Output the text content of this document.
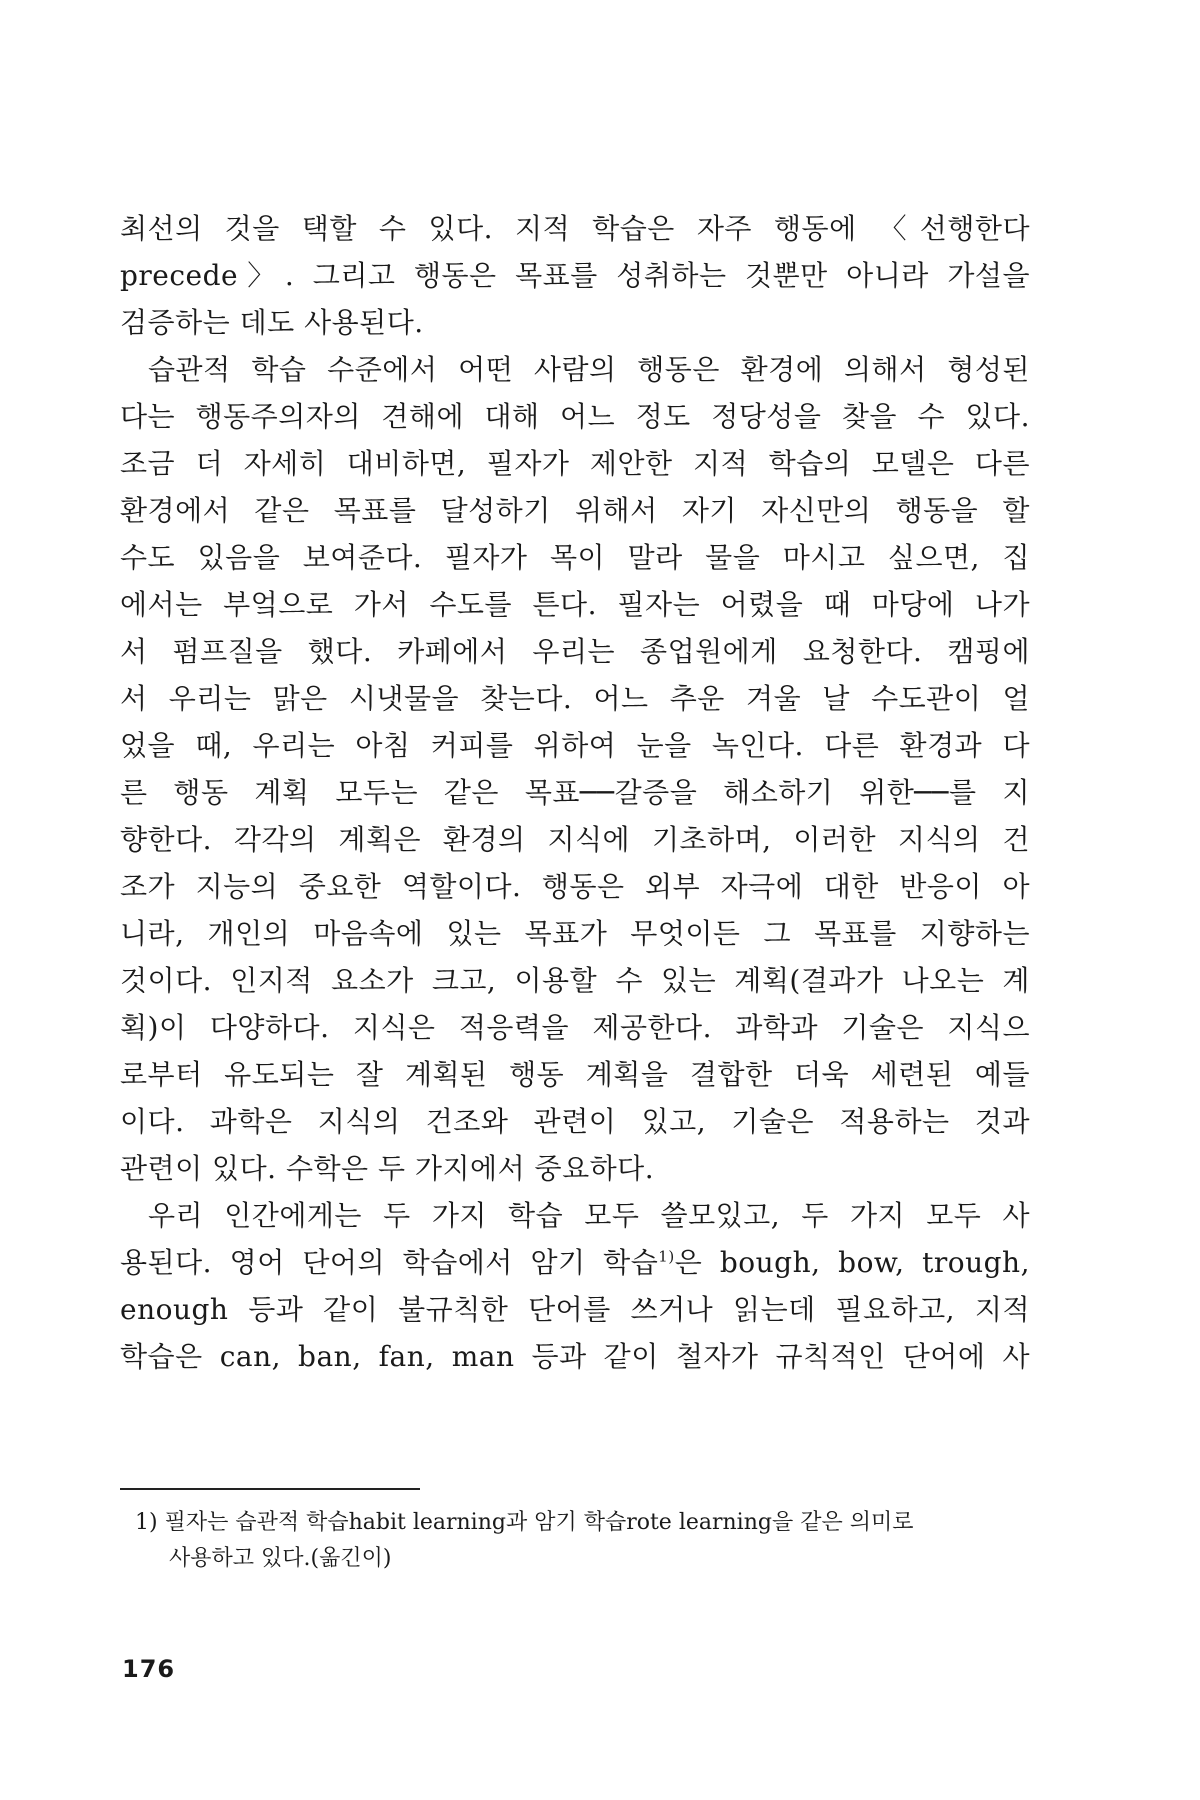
최선의 것을 택할 수 있다. 지적 학습은 자주 행동에 〈선행한다
precede〉. 그리고 행동은 목표를 성취하는 것뿐만 아니라 가설을
검증하는 데도 사용된다.
습관적 학습 수준에서 어떤 사람의 행동은 환경에 의해서 형성된
다는 행동주의자의 견해에 대해 어느 정도 정당성을 찾을 수 있다.
조금 더 자세히 대비하면, 필자가 제안한 지적 학습의 모델은 다른
환경에서 같은 목표를 달성하기 위해서 자기 자신만의 행동을 할
수도 있음을 보여준다. 필자가 목이 말라 물을 마시고 싶으면, 집
에서는 부엌으로 가서 수도를 튼다. 필자는 어렸을 때 마당에 나가
서 펌프질을 했다. 카페에서 우리는 종업원에게 요청한다. 캠핑에
서 우리는 맑은 시냇물을 찾는다. 어느 추운 겨울 날 수도관이 얼
었을 때, 우리는 아침 커피를 위하여 눈을 녹인다. 다른 환경과 다
른 행동 계획 모두는 같은 목표──갈증을 해소하기 위한──를 지
향한다. 각각의 계획은 환경의 지식에 기초하며, 이러한 지식의 건
조가 지능의 중요한 역할이다. 행동은 외부 자극에 대한 반응이 아
니라, 개인의 마음속에 있는 목표가 무엇이든 그 목표를 지향하는
것이다. 인지적 요소가 크고, 이용할 수 있는 계획(결과가 나오는 계
획)이 다양하다. 지식은 적응력을 제공한다. 과학과 기술은 지식으
로부터 유도되는 잘 계획된 행동 계획을 결합한 더욱 세련된 예들
이다. 과학은 지식의 건조와 관련이 있고, 기술은 적용하는 것과
관련이 있다. 수학은 두 가지에서 중요하다.
우리 인간에게는 두 가지 학습 모두 쓸모있고, 두 가지 모두 사
용된다. 영어 단어의 학습에서 암기 학습$^{1)}$은 bough, bow, trough,
enough 등과 같이 불규칙한 단어를 쓰거나 읽는데 필요하고, 지적
학습은 can, ban, fan, man 등과 같이 철자가 규칙적인 단어에 사
1) 필자는 습관적 학습habit learning과 암기 학습rote learning을 같은 의미로
사용하고 있다.(옮긴이)
176
